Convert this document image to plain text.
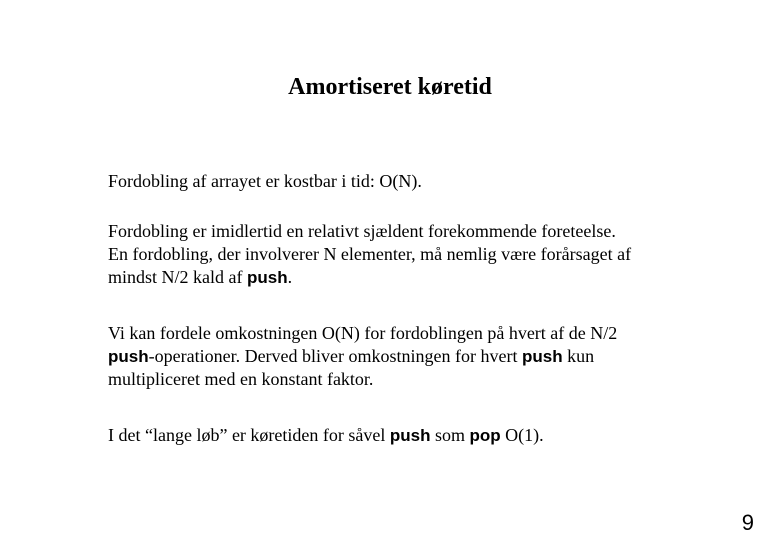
Amortiseret køretid
Fordobling af arrayet er kostbar i tid: O(N).
Fordobling er imidlertid en relativt sjældent forekommende foreteelse.
En fordobling, der involverer N elementer, må nemlig være forårsaget af
mindst N/2 kald af push.
Vi kan fordele omkostningen O(N) for fordoblingen på hvert af de N/2
push-operationer. Derved bliver omkostningen for hvert push kun
multipliceret med en konstant faktor.
I det “lange løb” er køretiden for såvel push som pop O(1).
9
